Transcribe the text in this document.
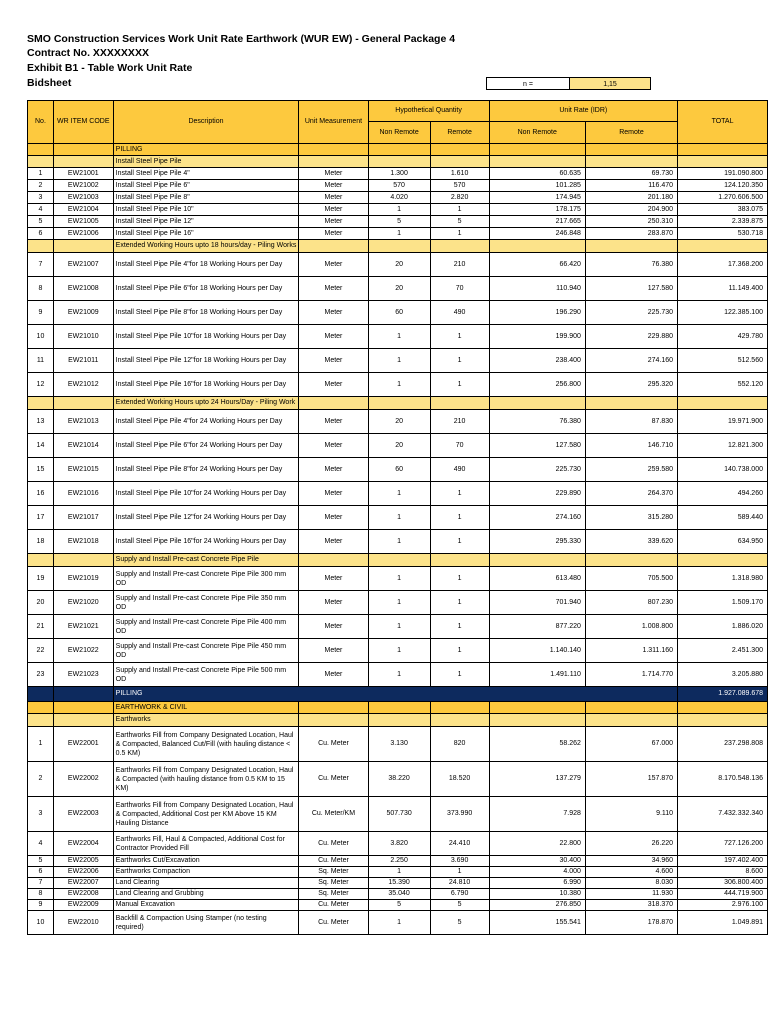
SMO Construction Services Work Unit Rate Earthwork (WUR EW) - General Package 4
Contract No. XXXXXXXX
Exhibit B1 - Table Work Unit Rate
Bidsheet	n =	1,15
No.	WR ITEM CODE	Description	Unit Measurement	Hypothetical Quantity		Unit Rate (IDR)		TOTAL
				Non Remote	Remote	Non Remote	Remote	
		PILLING						
		Install Steel Pipe Pile						
1	EW21001	Install Steel Pipe Pile 4"	Meter	1.300	1.610	60.635	69.730	191.090.800
2	EW21002	Install Steel Pipe Pile 6"	Meter	570	570	101.285	116.470	124.120.350
3	EW21003	Install Steel Pipe Pile 8"	Meter	4.020	2.820	174.945	201.180	1.270.606.500
4	EW21004	Install Steel Pipe Pile 10"	Meter	1	1	178.175	204.900	383.075
5	EW21005	Install Steel Pipe Pile 12"	Meter	5	5	217.665	250.310	2.339.875
6	EW21006	Install Steel Pipe Pile 16"	Meter	1	1	246.848	283.870	530.718
		Extended Working Hours upto 18 hours/day - Piling Works						
7	EW21007	Install Steel Pipe Pile 4"for 18 Working Hours per Day	Meter	20	210	66.420	76.380	17.368.200
8	EW21008	Install Steel Pipe Pile 6"for 18 Working Hours per Day	Meter	20	70	110.940	127.580	11.149.400
9	EW21009	Install Steel Pipe Pile 8"for 18 Working Hours per Day	Meter	60	490	196.290	225.730	122.385.100
10	EW21010	Install Steel Pipe Pile 10"for 18 Working Hours per Day	Meter	1	1	199.900	229.880	429.780
11	EW21011	Install Steel Pipe Pile 12"for 18 Working Hours per Day	Meter	1	1	238.400	274.160	512.560
12	EW21012	Install Steel Pipe Pile 16"for 18 Working Hours per Day	Meter	1	1	256.800	295.320	552.120
		Extended Working Hours upto 24 Hours/Day - Piling Work						
13	EW21013	Install Steel Pipe Pile 4"for 24 Working Hours per Day	Meter	20	210	76.380	87.830	19.971.900
14	EW21014	Install Steel Pipe Pile 6"for 24 Working Hours per Day	Meter	20	70	127.580	146.710	12.821.300
15	EW21015	Install Steel Pipe Pile 8"for 24 Working Hours per Day	Meter	60	490	225.730	259.580	140.738.000
16	EW21016	Install Steel Pipe Pile 10"for 24 Working Hours per Day	Meter	1	1	229.890	264.370	494.260
17	EW21017	Install Steel Pipe Pile 12"for 24 Working Hours per Day	Meter	1	1	274.160	315.280	589.440
18	EW21018	Install Steel Pipe Pile 16"for 24 Working Hours per Day	Meter	1	1	295.330	339.620	634.950
		Supply and Install Pre-cast Concrete Pipe Pile						
19	EW21019	Supply and Install Pre-cast Concrete Pipe Pile 300 mm OD	Meter	1	1	613.480	705.500	1.318.980
20	EW21020	Supply and Install Pre-cast Concrete Pipe Pile 350 mm OD	Meter	1	1	701.940	807.230	1.509.170
21	EW21021	Supply and Install Pre-cast Concrete Pipe Pile 400 mm OD	Meter	1	1	877.220	1.008.800	1.886.020
22	EW21022	Supply and Install Pre-cast Concrete Pipe Pile 450 mm OD	Meter	1	1	1.140.140	1.311.160	2.451.300
23	EW21023	Supply and Install Pre-cast Concrete Pipe Pile 500 mm OD	Meter	1	1	1.491.110	1.714.770	3.205.880
		PILLING						1.927.089.678
		EARTHWORK & CIVIL						
		Earthworks						
1	EW22001	Earthworks Fill from Company Designated Location, Haul & Compacted, Balanced Cut/Fill (with hauling distance < 0.5 KM)	Cu. Meter	3.130	820	58.262	67.000	237.298.808
2	EW22002	Earthworks Fill from Company Designated Location, Haul & Compacted (with hauling distance from 0.5 KM to 15 KM)	Cu. Meter	38.220	18.520	137.279	157.870	8.170.548.136
3	EW22003	Earthworks Fill from Company Designated Location, Haul & Compacted, Additional Cost per KM Above 15 KM Hauling Distance	Cu. Meter/KM	507.730	373.990	7.928	9.110	7.432.332.340
4	EW22004	Earthworks Fill, Haul & Compacted, Additional Cost for Contractor Provided Fill	Cu. Meter	3.820	24.410	22.800	26.220	727.126.200
5	EW22005	Earthworks Cut/Excavation	Cu. Meter	2.250	3.690	30.400	34.960	197.402.400
6	EW22006	Earthworks Compaction	Sq. Meter	1	1	4.000	4.600	8.600
7	EW22007	Land Clearing	Sq. Meter	15.390	24.810	6.990	8.030	306.800.400
8	EW22008	Land Clearing and Grubbing	Sq. Meter	35.040	6.790	10.380	11.930	444.719.900
9	EW22009	Manual Excavation	Cu. Meter	5	5	276.850	318.370	2.976.100
10	EW22010	Backfill & Compaction Using Stamper (no testing required)	Cu. Meter	1	5	155.541	178.870	1.049.891
